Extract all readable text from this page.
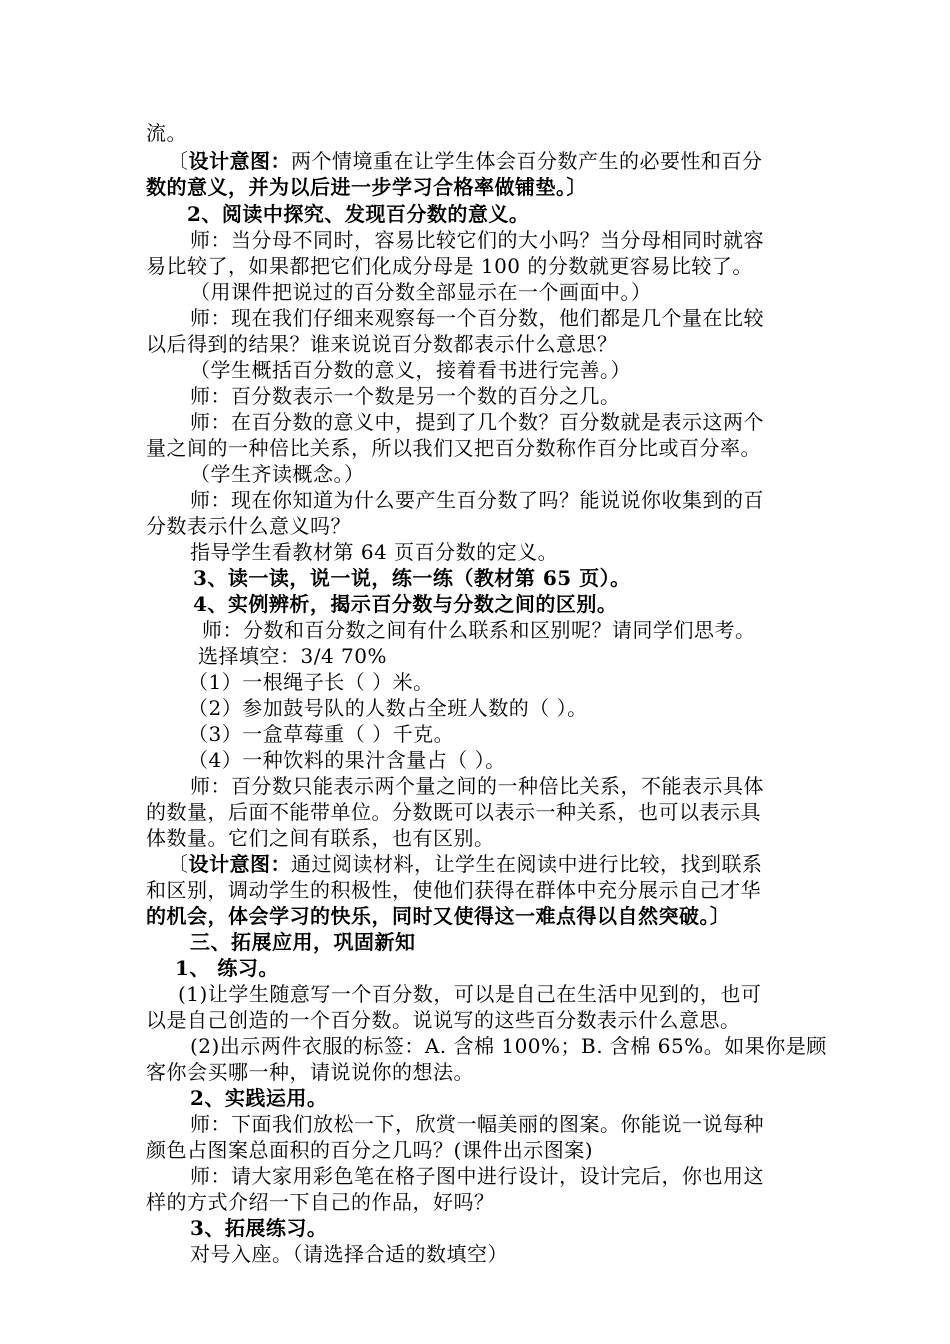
流。
〔设计意图：两个情境重在让学生体会百分数产生的必要性和百分
数的意义，并为以后进一步学习合格率做铺垫。〕
2、阅读中探究、发现百分数的意义。
师：当分母不同时，容易比较它们的大小吗？当分母相同时就容
易比较了，如果都把它们化成分母是 100 的分数就更容易比较了。
（用课件把说过的百分数全部显示在一个画面中。）
师：现在我们仔细来观察每一个百分数，他们都是几个量在比较
以后得到的结果？谁来说说百分数都表示什么意思？
（学生概括百分数的意义，接着看书进行完善。）
师：百分数表示一个数是另一个数的百分之几。
师：在百分数的意义中，提到了几个数？百分数就是表示这两个
量之间的一种倍比关系，所以我们又把百分数称作百分比或百分率。
（学生齐读概念。）
师：现在你知道为什么要产生百分数了吗？能说说你收集到的百
分数表示什么意义吗？
指导学生看教材第 64 页百分数的定义。
3、读一读，说一说，练一练（教材第 65 页）。
4、实例辨析，揭示百分数与分数之间的区别。
师：分数和百分数之间有什么联系和区别呢？请同学们思考。
选择填空：3/4 70%
（1）一根绳子长（ ）米。
（2）参加鼓号队的人数占全班人数的（ ）。
（3）一盒草莓重（ ）千克。
（4）一种饮料的果汁含量占（ ）。
师：百分数只能表示两个量之间的一种倍比关系，不能表示具体
的数量，后面不能带单位。分数既可以表示一种关系，也可以表示具
体数量。它们之间有联系，也有区别。
〔设计意图：通过阅读材料，让学生在阅读中进行比较，找到联系
和区别，调动学生的积极性，使他们获得在群体中充分展示自己才华
的机会，体会学习的快乐，同时又使得这一难点得以自然突破。〕
三、拓展应用，巩固新知
1、 练习。
(1)让学生随意写一个百分数，可以是自己在生活中见到的，也可
以是自己创造的一个百分数。说说写的这些百分数表示什么意思。
(2)出示两件衣服的标签：A. 含棉 100%；B. 含棉 65%。如果你是顾
客你会买哪一种，请说说你的想法。
2、实践运用。
师：下面我们放松一下，欣赏一幅美丽的图案。你能说一说每种
颜色占图案总面积的百分之几吗？(课件出示图案)
师：请大家用彩色笔在格子图中进行设计，设计完后，你也用这
样的方式介绍一下自己的作品，好吗？
3、拓展练习。
对号入座。（请选择合适的数填空）
